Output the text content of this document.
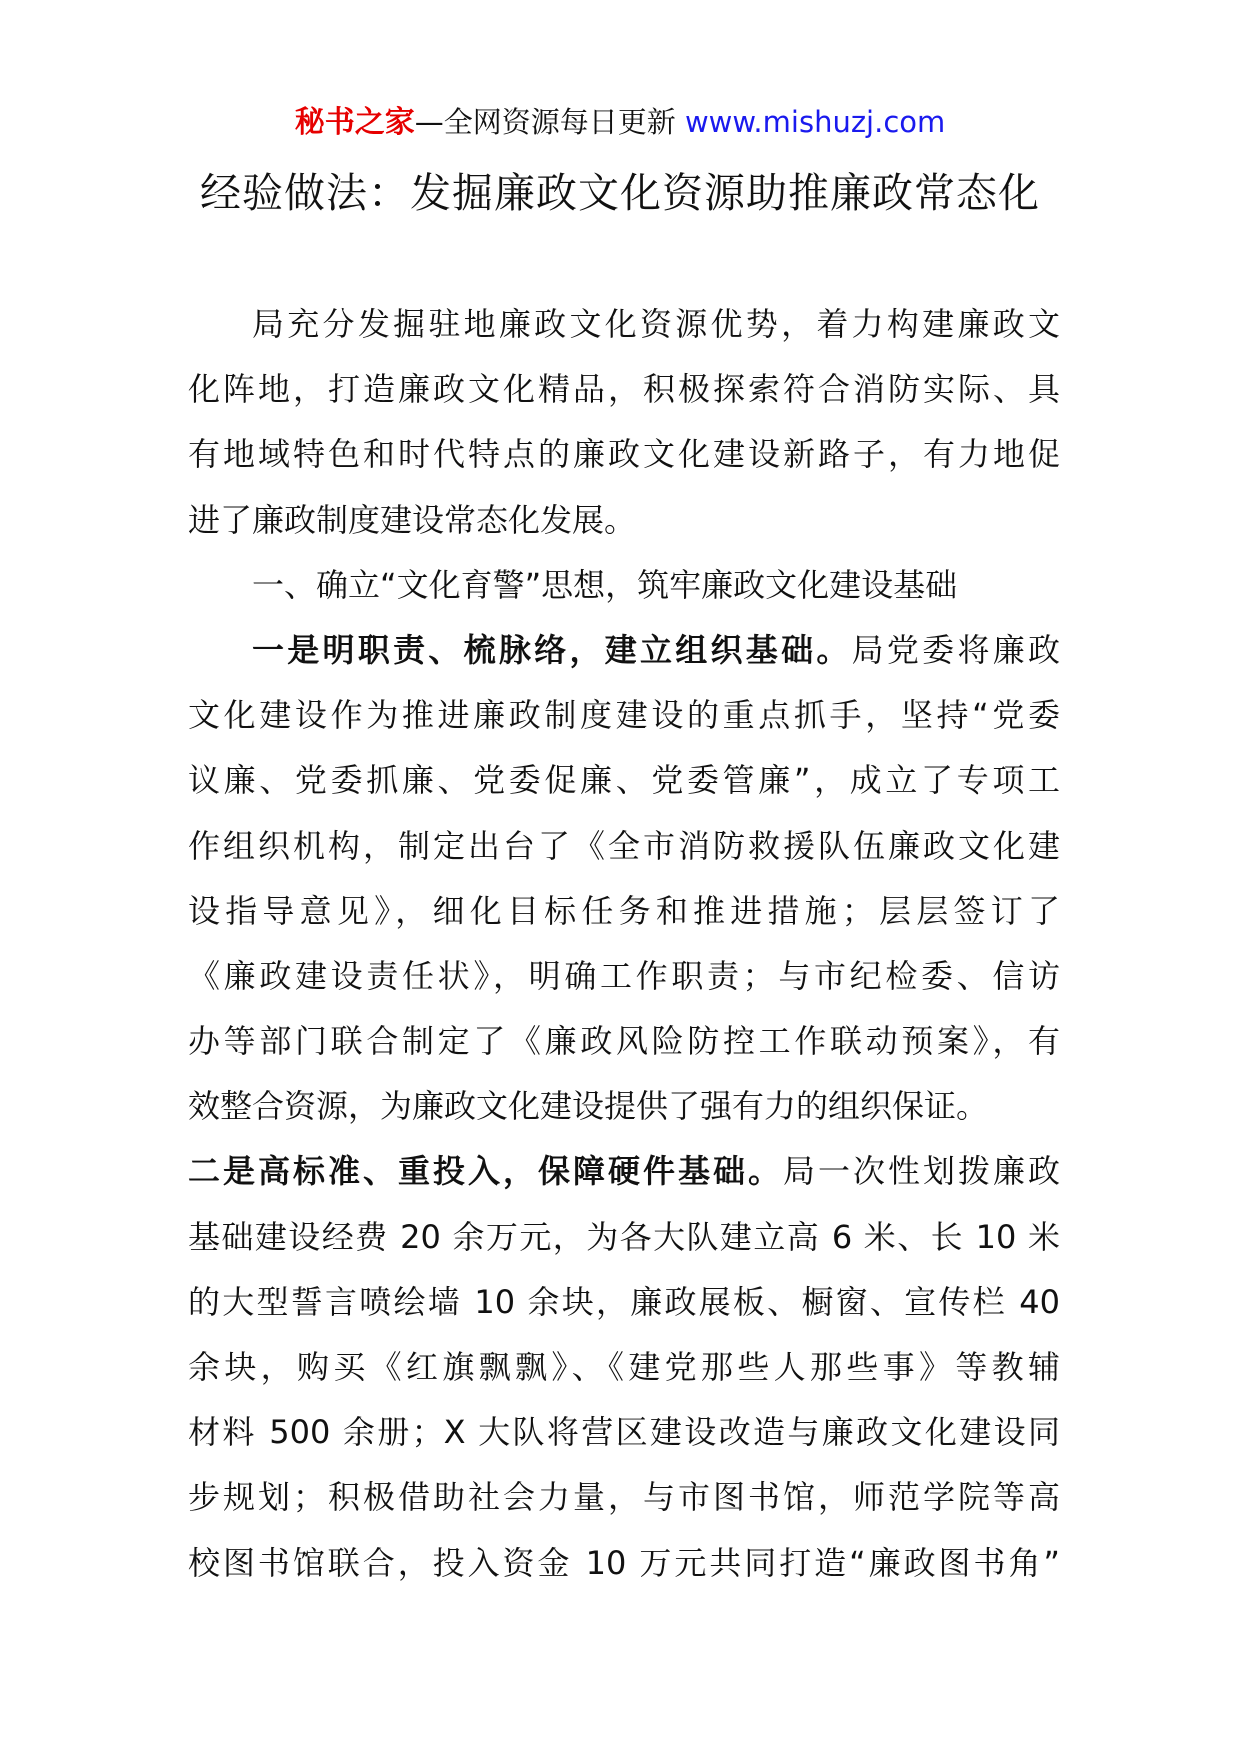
秘书之家—全网资源每日更新 www.mishuzj.com
经验做法：发掘廉政文化资源助推廉政常态化
局充分发掘驻地廉政文化资源优势，着力构建廉政文
化阵地，打造廉政文化精品，积极探索符合消防实际、具
有地域特色和时代特点的廉政文化建设新路子，有力地促
进了廉政制度建设常态化发展。
一、确立“文化育警”思想，筑牢廉政文化建设基础
一是明职责、梳脉络，建立组织基础。局党委将廉政
文化建设作为推进廉政制度建设的重点抓手，坚持“党委
议廉、党委抓廉、党委促廉、党委管廉”，成立了专项工
作组织机构，制定出台了《全市消防救援队伍廉政文化建
设指导意见》，细化目标任务和推进措施；层层签订了
《廉政建设责任状》，明确工作职责；与市纪检委、信访
办等部门联合制定了《廉政风险防控工作联动预案》，有
效整合资源，为廉政文化建设提供了强有力的组织保证。
二是高标准、重投入，保障硬件基础。局一次性划拨廉政
基础建设经费 20 余万元，为各大队建立高 6 米、长 10 米
的大型誓言喷绘墙 10 余块，廉政展板、橱窗、宣传栏 40
余块，购买《红旗飘飘》、《建党那些人那些事》等教辅
材料 500 余册；X 大队将营区建设改造与廉政文化建设同
步规划；积极借助社会力量，与市图书馆，师范学院等高
校图书馆联合，投入资金 10 万元共同打造“廉政图书角”
